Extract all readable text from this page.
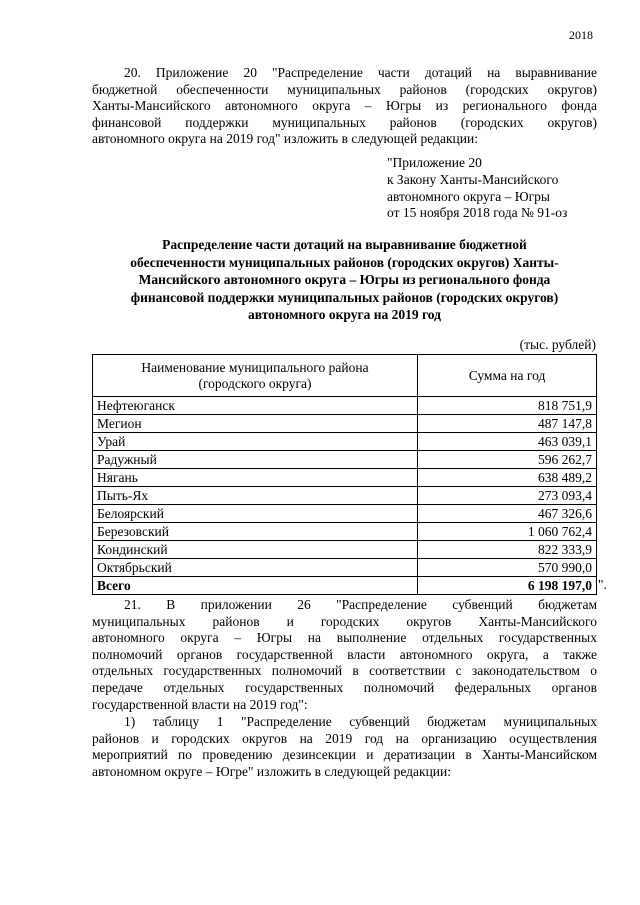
2018
20. Приложение 20 "Распределение части дотаций на выравнивание
бюджетной обеспеченности муниципальных районов (городских округов)
Ханты-Мансийского автономного округа – Югры из регионального фонда
финансовой поддержки муниципальных районов (городских округов)
автономного округа на 2019 год" изложить в следующей редакции:
"Приложение 20
к Закону Ханты-Мансийского
автономного округа – Югры
от 15 ноября 2018 года № 91-оз
Распределение части дотаций на выравнивание бюджетной
обеспеченности муниципальных районов (городских округов) Ханты-
Мансийского автономного округа – Югры из регионального фонда
финансовой поддержки муниципальных районов (городских округов)
автономного округа на 2019 год
(тыс. рублей)
Наименование муниципального района
(городского округа)	Сумма на год
Нефтеюганск	818 751,9
Мегион	487 147,8
Урай	463 039,1
Радужный	596 262,7
Нягань	638 489,2
Пыть-Ях	273 093,4
Белоярский	467 326,6
Березовский	1 060 762,4
Кондинский	822 333,9
Октябрьский	570 990,0
Всего	6 198 197,0 ".
21. В приложении 26 "Распределение субвенций бюджетам
муниципальных районов и городских округов Ханты-Мансийского
автономного округа – Югры на выполнение отдельных государственных
полномочий органов государственной власти автономного округа, а также
отдельных государственных полномочий в соответствии с законодательством о
передаче отдельных государственных полномочий федеральных органов
государственной власти на 2019 год":
1) таблицу 1 "Распределение субвенций бюджетам муниципальных
районов и городских округов на 2019 год на организацию осуществления
мероприятий по проведению дезинсекции и дератизации в Ханты-Мансийском
автономном округе – Югре" изложить в следующей редакции:
